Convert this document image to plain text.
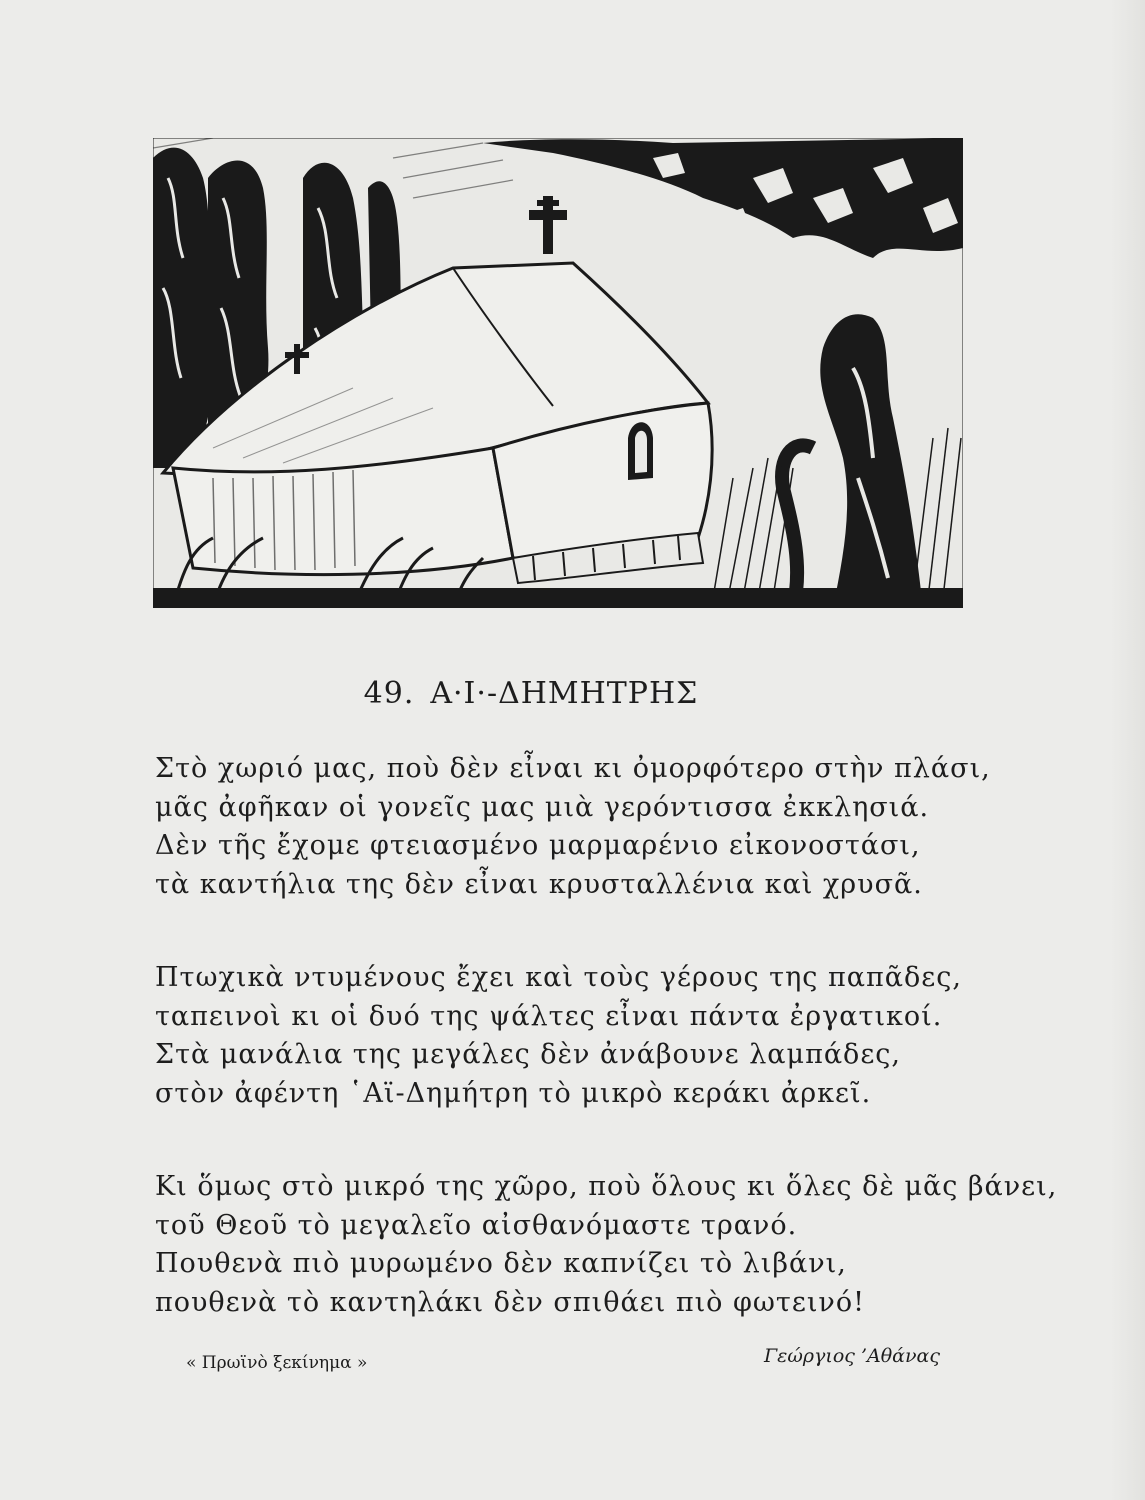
49. Α·Ι·-ΔΗΜΗΤΡΗΣ
Στὸ χωριό μας, ποὺ δὲν εἶναι κι ὀμορφότερο στὴν πλάσι,
μᾶς ἀφῆκαν οἱ γονεῖς μας μιὰ γερόντισσα ἐκκλησιά.
Δὲν τῆς ἔχομε φτειασμένο μαρμαρένιο εἰκονοστάσι,
τὰ καντήλια της δὲν εἶναι κρυσταλλένια καὶ χρυσᾶ.
Πτωχικὰ ντυμένους ἔχει καὶ τοὺς γέρους της παπᾶδες,
ταπεινοὶ κι οἱ δυό της ψάλτες εἶναι πάντα ἐργατικοί.
Στὰ μανάλια της μεγάλες δὲν ἀνάβουνε λαμπάδες,
στὸν ἀφέντη ῾Αϊ-Δημήτρη τὸ μικρὸ κεράκι ἀρκεῖ.
Κι ὅμως στὸ μικρό της χῶρο, ποὺ ὅλους κι ὅλες δὲ μᾶς βάνει,
τοῦ Θεοῦ τὸ μεγαλεῖο αἰσθανόμαστε τρανό.
Πουθενὰ πιὸ μυρωμένο δὲν καπνίζει τὸ λιβάνι,
πουθενὰ τὸ καντηλάκι δὲν σπιθάει πιὸ φωτεινό!
« Πρωϊνὸ ξεκίνημα »	Γεώργιος ’Αθάνας
